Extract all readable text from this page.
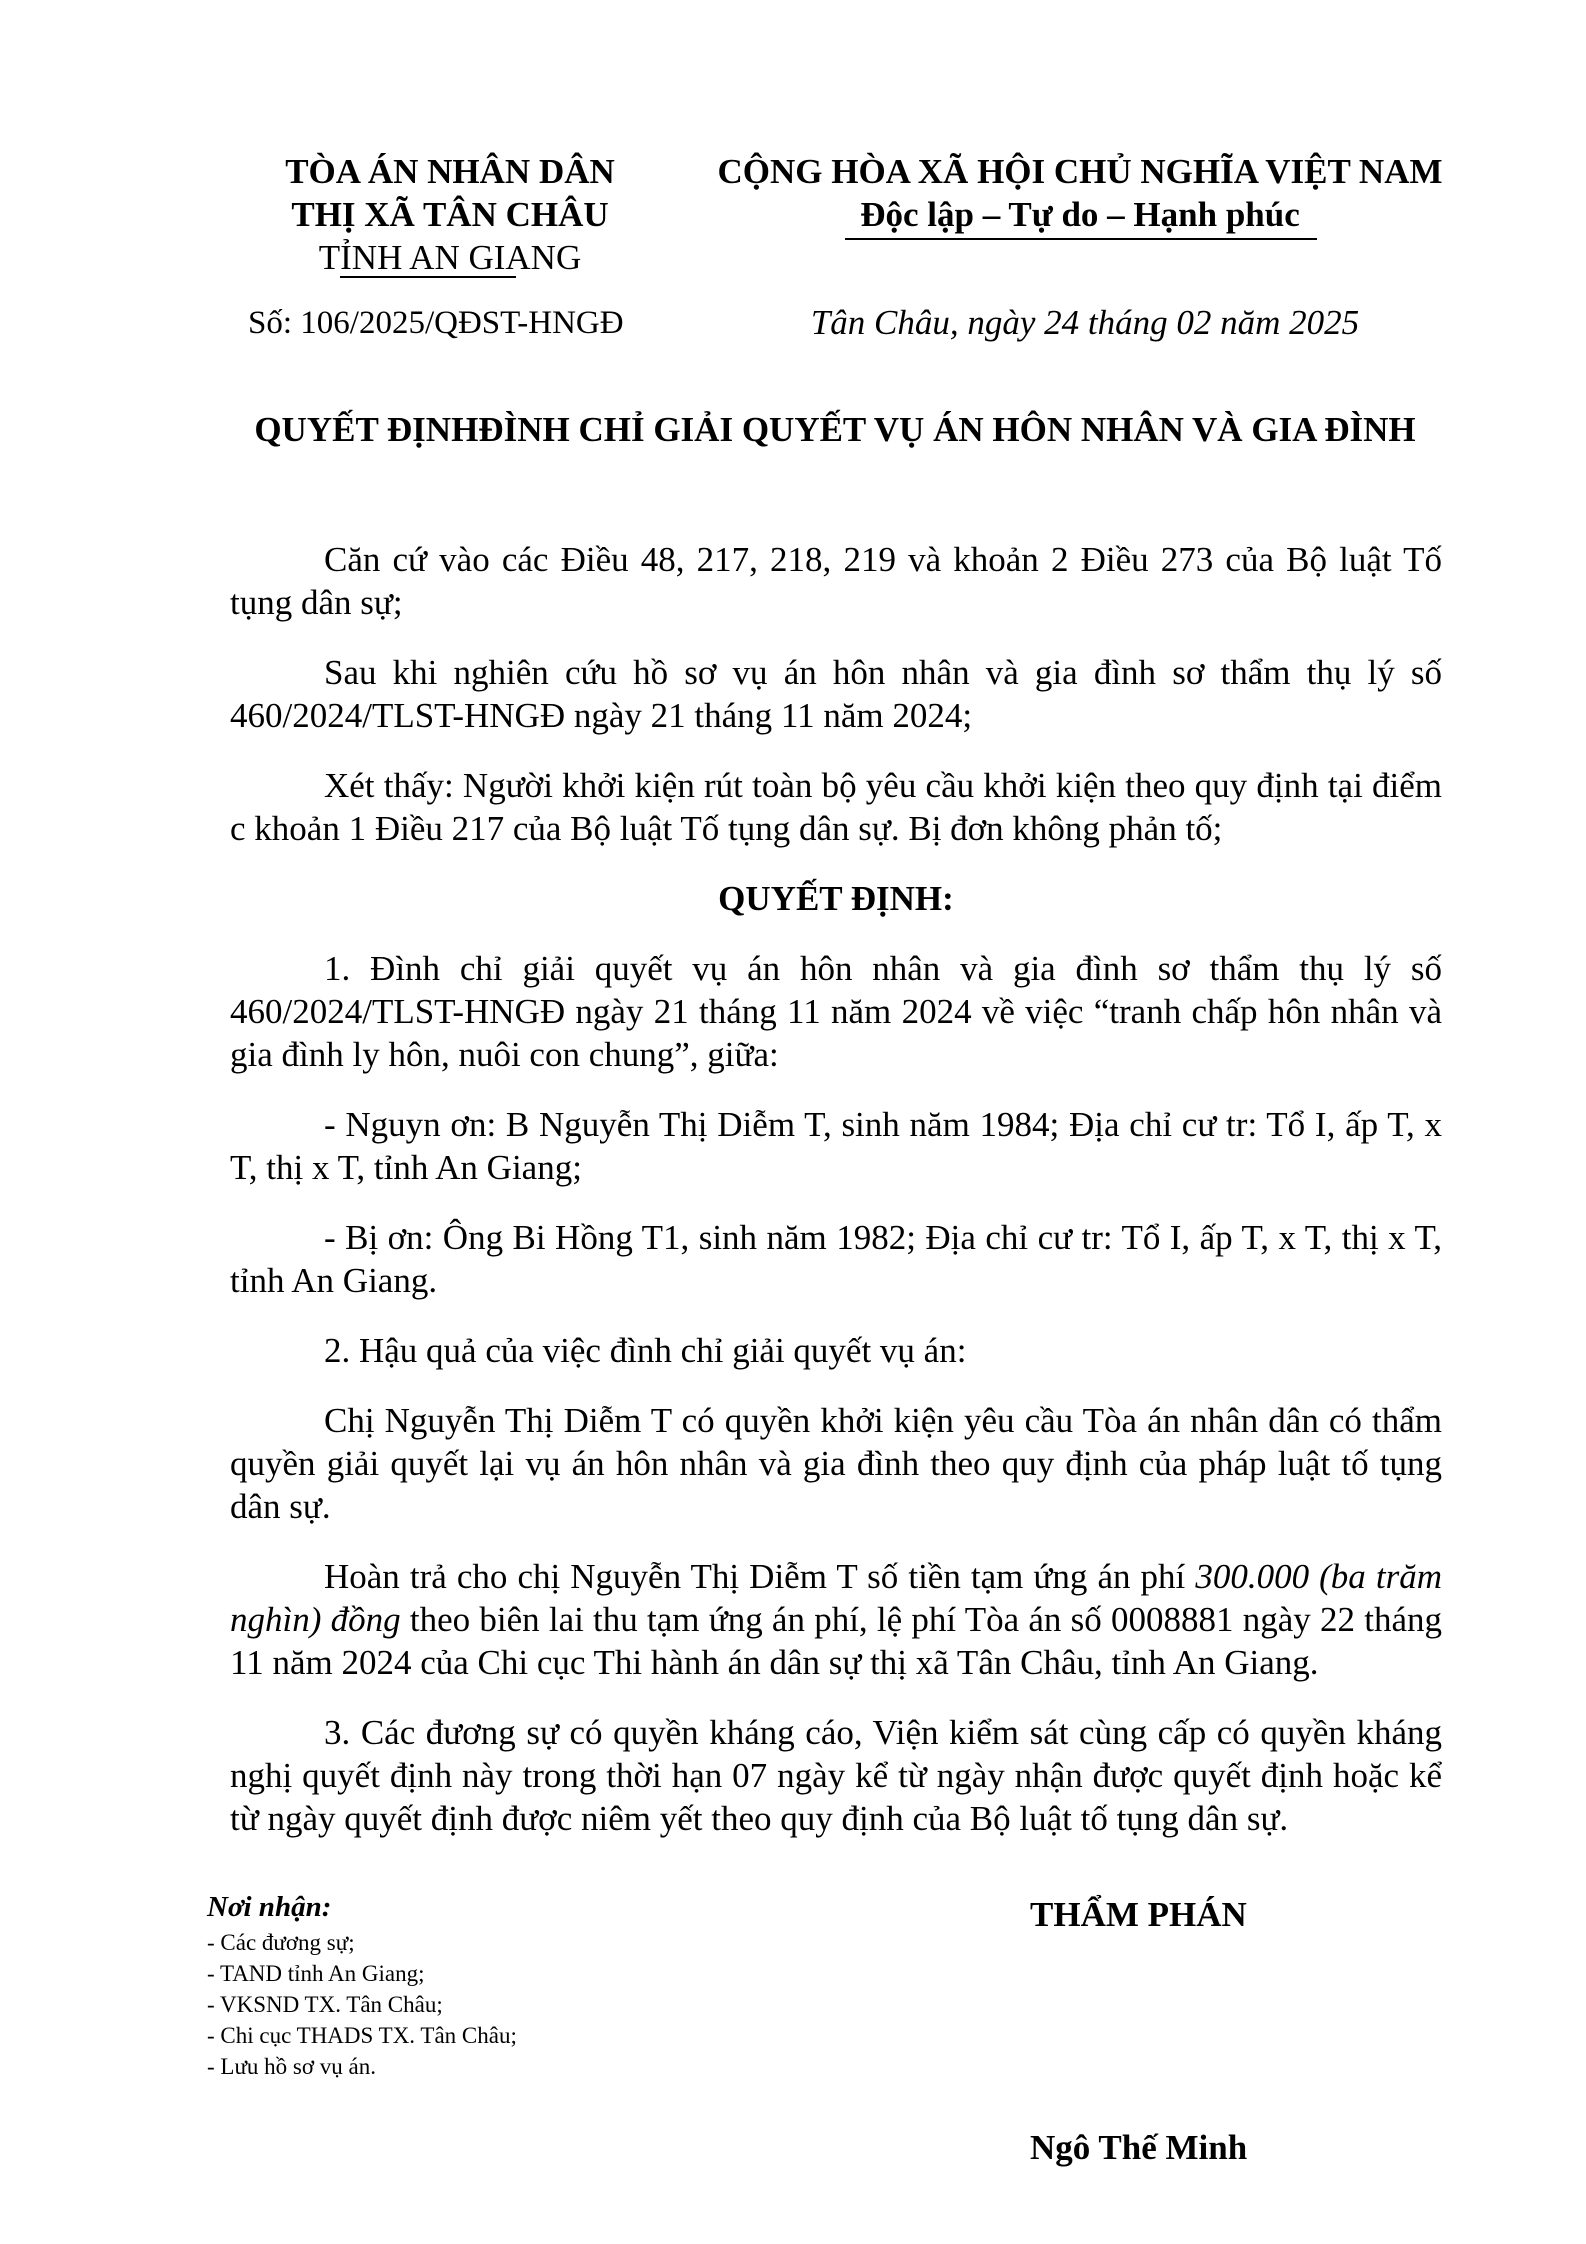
TÒA ÁN NHÂN DÂN
THỊ XÃ TÂN CHÂU
TỈNH AN GIANG
CỘNG HÒA XÃ HỘI CHỦ NGHĨA VIỆT NAM
Độc lập – Tự do – Hạnh phúc
Số: 106/2025/QĐST-HNGĐ	Tân Châu, ngày 24 tháng 02 năm 2025
QUYẾT ĐỊNHĐÌNH CHỈ GIẢI QUYẾT VỤ ÁN HÔN NHÂN VÀ GIA ĐÌNH

Căn cứ vào các Điều 48, 217, 218, 219 và khoản 2 Điều 273 của Bộ luật Tố tụng dân sự;

Sau khi nghiên cứu hồ sơ vụ án hôn nhân và gia đình sơ thẩm thụ lý số 460/2024/TLST-HNGĐ ngày 21 tháng 11 năm 2024;

Xét thấy: Người khởi kiện rút toàn bộ yêu cầu khởi kiện theo quy định tại điểm c khoản 1 Điều 217 của Bộ luật Tố tụng dân sự. Bị đơn không phản tố;

QUYẾT ĐỊNH:

1. Đình chỉ giải quyết vụ án hôn nhân và gia đình sơ thẩm thụ lý số 460/2024/TLST-HNGĐ ngày 21 tháng 11 năm 2024 về việc “tranh chấp hôn nhân và gia đình ly hôn, nuôi con chung”, giữa:

- Nguyn ơn: B Nguyễn Thị Diễm T, sinh năm 1984; Địa chỉ cư tr: Tổ I, ấp T, x T, thị x T, tỉnh An Giang;

- Bị ơn: Ông Bi Hồng T1, sinh năm 1982; Địa chỉ cư tr: Tổ I, ấp T, x T, thị x T, tỉnh An Giang.

2. Hậu quả của việc đình chỉ giải quyết vụ án:

Chị Nguyễn Thị Diễm T có quyền khởi kiện yêu cầu Tòa án nhân dân có thẩm quyền giải quyết lại vụ án hôn nhân và gia đình theo quy định của pháp luật tố tụng dân sự.

Hoàn trả cho chị Nguyễn Thị Diễm T số tiền tạm ứng án phí 300.000 (ba trăm nghìn) đồng theo biên lai thu tạm ứng án phí, lệ phí Tòa án số 0008881 ngày 22 tháng 11 năm 2024 của Chi cục Thi hành án dân sự thị xã Tân Châu, tỉnh An Giang.

3. Các đương sự có quyền kháng cáo, Viện kiểm sát cùng cấp có quyền kháng nghị quyết định này trong thời hạn 07 ngày kể từ ngày nhận được quyết định hoặc kể từ ngày quyết định được niêm yết theo quy định của Bộ luật tố tụng dân sự.

Nơi nhận:
- Các đương sự;
- TAND tỉnh An Giang;
- VKSND TX. Tân Châu;
- Chi cục THADS TX. Tân Châu;
- Lưu hồ sơ vụ án.
THẨM PHÁN
Ngô Thế Minh
